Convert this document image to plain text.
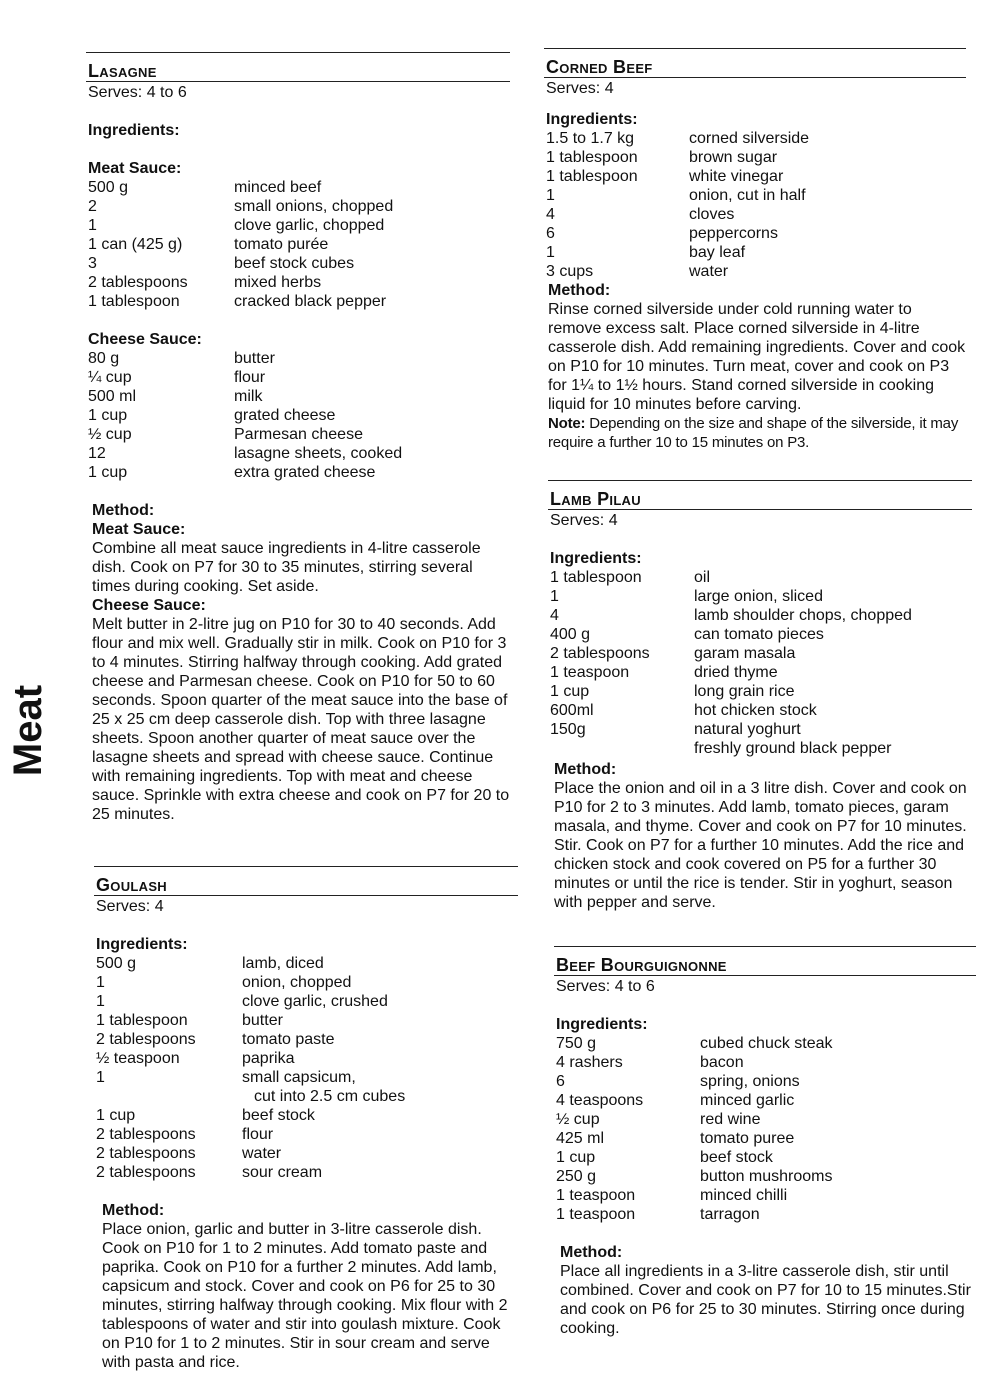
Meat
Lasagne
Serves: 4 to 6
Ingredients:
Meat Sauce:
500 g	minced beef
2	small onions, chopped
1	clove garlic, chopped
1 can (425 g)	tomato purée
3	beef stock cubes
2 tablespoons	mixed herbs
1 tablespoon	cracked black pepper
Cheese Sauce:
80 g	butter
¼ cup	flour
500 ml	milk
1 cup	grated cheese
½ cup	Parmesan cheese
12	lasagne sheets, cooked
1 cup	extra grated cheese
Method:
Meat Sauce:

Combine all meat sauce ingredients in 4-litre casserole dish. Cook on P7 for 30 to 35 minutes, stirring several times during cooking. Set aside.

Cheese Sauce:

Melt butter in 2-litre jug on P10 for 30 to 40 seconds. Add flour and mix well. Gradually stir in milk. Cook on P10 for 3 to 4 minutes. Stirring halfway through cooking. Add grated cheese and Parmesan cheese. Cook on P10 for 50 to 60 seconds. Spoon quarter of the meat sauce into the base of 25 x 25 cm deep casserole dish. Top with three lasagne sheets. Spoon another quarter of meat sauce over the lasagne sheets and spread with cheese sauce. Continue with remaining ingredients. Top with meat and cheese sauce. Sprinkle with extra cheese and cook on P7 for 20 to 25 minutes.

Goulash
Serves: 4
Ingredients:
500 g	lamb, diced
1	onion, chopped
1	clove garlic, crushed
1 tablespoon	butter
2 tablespoons	tomato paste
½ teaspoon	paprika
1	small capsicum,
cut into 2.5 cm cubes
1 cup	beef stock
2 tablespoons	flour
2 tablespoons	water
2 tablespoons	sour cream
Method:

Place onion, garlic and butter in 3-litre casserole dish. Cook on P10 for 1 to 2 minutes. Add tomato paste and paprika. Cook on P10 for a further 2 minutes. Add lamb, capsicum and stock. Cover and cook on P6 for 25 to 30 minutes, stirring halfway through cooking. Mix flour with 2 tablespoons of water and stir into goulash mixture. Cook on P10 for 1 to 2 minutes. Stir in sour cream and serve with pasta and rice.

Corned Beef
Serves: 4
Ingredients:
1.5 to 1.7 kg	corned silverside
1 tablespoon	brown sugar
1 tablespoon	white vinegar
1	onion, cut in half
4	cloves
6	peppercorns
1	bay leaf
3 cups	water
Method:

Rinse corned silverside under cold running water to remove excess salt. Place corned silverside in 4-litre casserole dish. Add remaining ingredients. Cover and cook on P10 for 10 minutes. Turn meat, cover and cook on P3 for 1¼ to 1½ hours. Stand corned silverside in cooking liquid for 10 minutes before carving.

Note: Depending on the size and shape of the silverside, it may require a further 10 to 15 minutes on P3.

Lamb Pilau
Serves: 4
Ingredients:
1 tablespoon	oil
1	large onion, sliced
4	lamb shoulder chops, chopped
400 g	can tomato pieces
2 tablespoons	garam masala
1 teaspoon	dried thyme
1 cup	long grain rice
600ml	hot chicken stock
150g	natural yoghurt
freshly ground black pepper
Method:

Place the onion and oil in a 3 litre dish. Cover and cook on P10 for 2 to 3 minutes. Add lamb, tomato pieces, garam masala, and thyme. Cover and cook on P7 for 10 minutes. Stir. Cook on P7 for a further 10 minutes. Add the rice and chicken stock and cook covered on P5 for a further 30 minutes or until the rice is tender. Stir in yoghurt, season with pepper and serve.

Beef Bourguignonne
Serves: 4 to 6
Ingredients:
750 g	cubed chuck steak
4 rashers	bacon
6	spring, onions
4 teaspoons	minced garlic
½ cup	red wine
425 ml	tomato puree
1 cup	beef stock
250 g	button mushrooms
1 teaspoon	minced chilli
1 teaspoon	tarragon
Method:

Place all ingredients in a 3-litre casserole dish, stir until combined. Cover and cook on P7 for 10 to 15 minutes.Stir and cook on P6 for 25 to 30 minutes. Stirring once during cooking.
